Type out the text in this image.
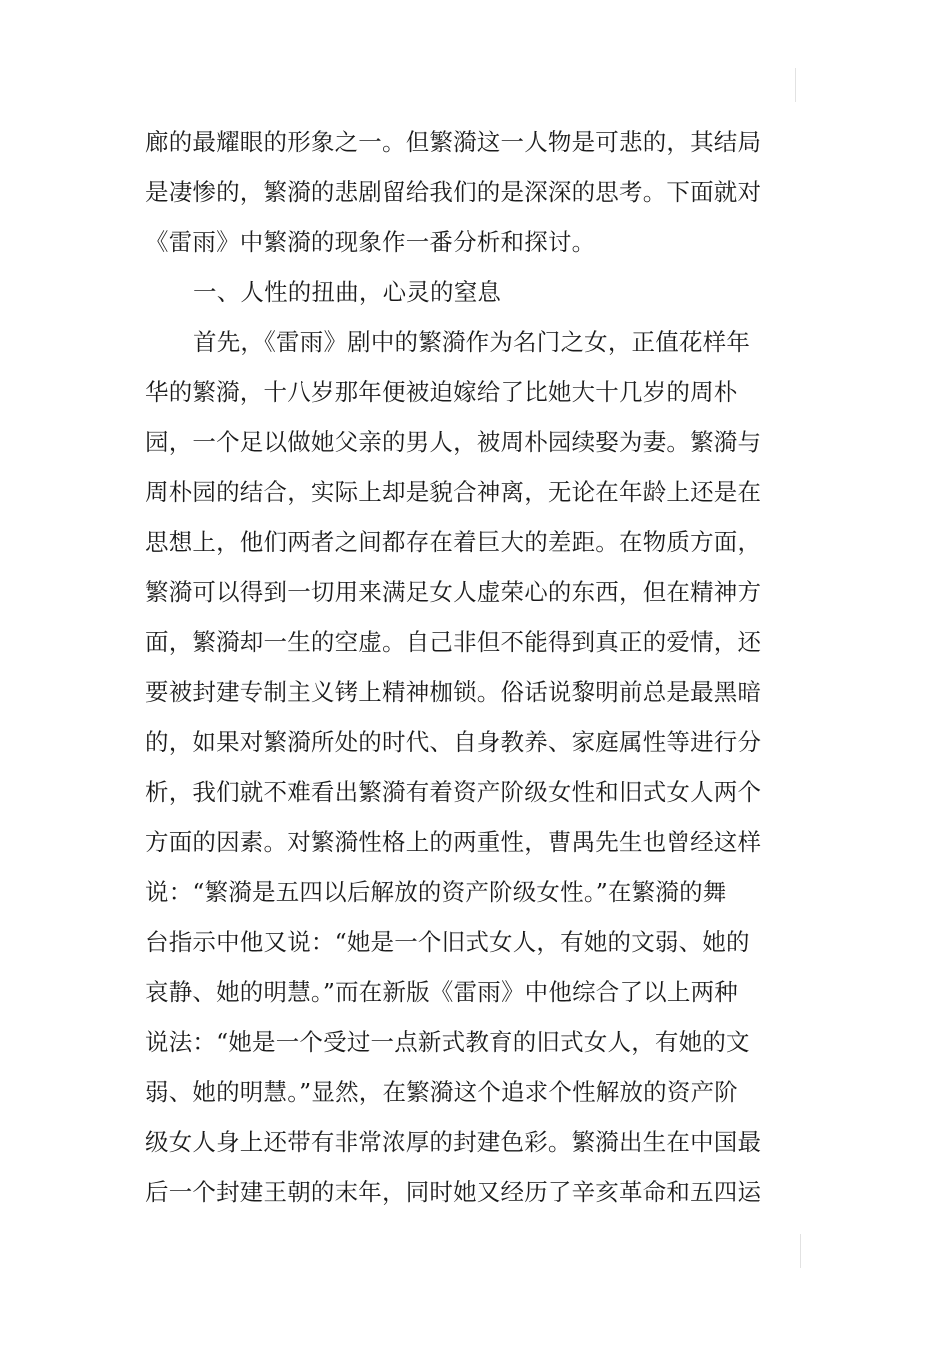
廊的最耀眼的形象之一。但繁漪这一人物是可悲的，其结局
是凄惨的，繁漪的悲剧留给我们的是深深的思考。下面就对
《雷雨》中繁漪的现象作一番分析和探讨。
一、人性的扭曲，心灵的窒息
首先，《雷雨》剧中的繁漪作为名门之女，正值花样年
华的繁漪，十八岁那年便被迫嫁给了比她大十几岁的周朴
园，一个足以做她父亲的男人，被周朴园续娶为妻。繁漪与
周朴园的结合，实际上却是貌合神离，无论在年龄上还是在
思想上，他们两者之间都存在着巨大的差距。在物质方面，
繁漪可以得到一切用来满足女人虚荣心的东西，但在精神方
面，繁漪却一生的空虚。自己非但不能得到真正的爱情，还
要被封建专制主义铐上精神枷锁。俗话说黎明前总是最黑暗
的，如果对繁漪所处的时代、自身教养、家庭属性等进行分
析，我们就不难看出繁漪有着资产阶级女性和旧式女人两个
方面的因素。对繁漪性格上的两重性，曹禺先生也曾经这样
说：“繁漪是五四以后解放的资产阶级女性。”在繁漪的舞
台指示中他又说：“她是一个旧式女人，有她的文弱、她的
哀静、她的明慧。”而在新版《雷雨》中他综合了以上两种
说法：“她是一个受过一点新式教育的旧式女人，有她的文
弱、她的明慧。”显然，在繁漪这个追求个性解放的资产阶
级女人身上还带有非常浓厚的封建色彩。繁漪出生在中国最
后一个封建王朝的末年，同时她又经历了辛亥革命和五四运
